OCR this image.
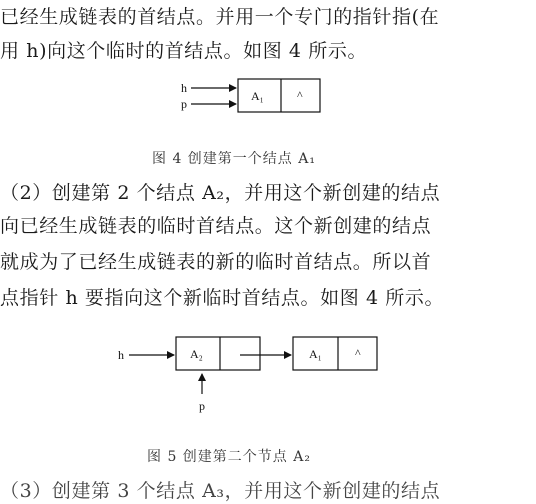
已经生成链表的首结点。并用一个专门的指针指(在
用 h)向这个临时的首结点。如图 4 所示。
h
p
A₁	^
h	A₂	A₁	^
p
图 4 创建第一个结点 A₁
（2）创建第 2 个结点 A₂，并用这个新创建的结点
向已经生成链表的临时首结点。这个新创建的结点
就成为了已经生成链表的新的临时首结点。所以首
点指针 h 要指向这个新临时首结点。如图 4 所示。
图 5 创建第二个节点 A₂
（3）创建第 3 个结点 A₃，并用这个新创建的结点
